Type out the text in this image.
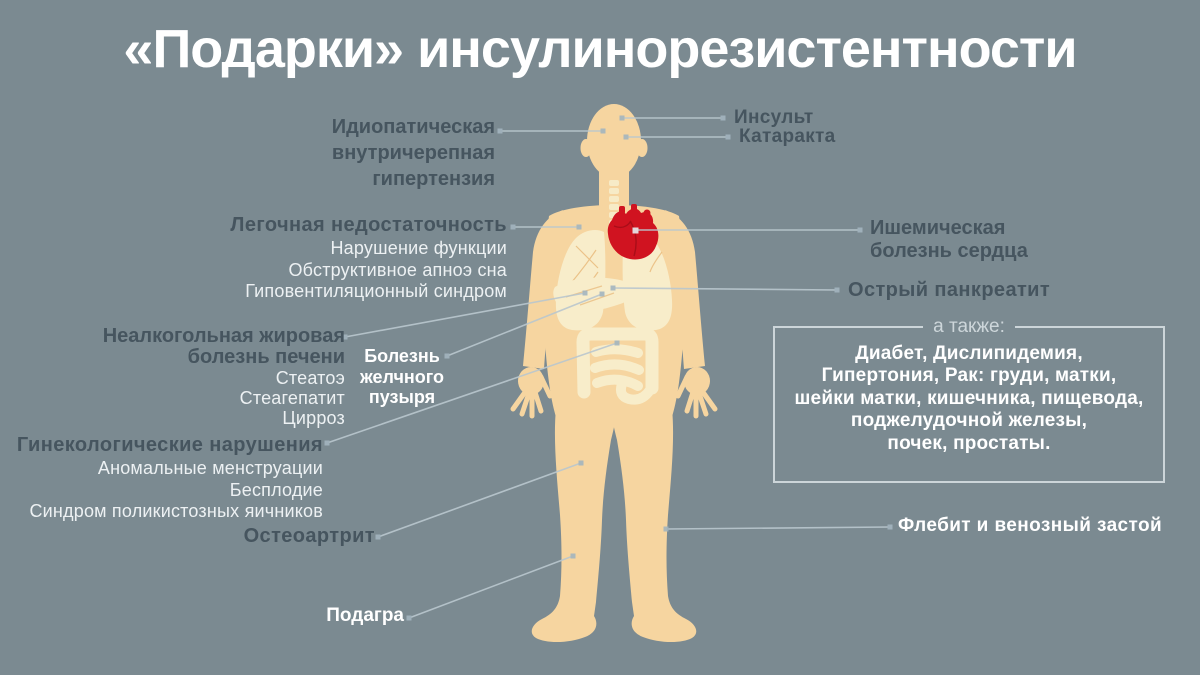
«Подарки» инсулинорезистентности
Идиопатическая
внутричерепная
гипертензия
Легочная недостаточность
Нарушение функции
Обструктивное апноэ сна
Гиповентиляционный синдром
Неалкогольная жировая
болезнь печени
Стеатоэ
Стеагепатит
Цирроз
Болезнь
желчного
пузыря
Гинекологические нарушения
Аномальные менструации
Бесплодие
Синдром поликистозных яичников
Остеоартрит
Подагра
Инсульт
Катаракта
Ишемическая
болезнь сердца
Острый панкреатит
а также:
Диабет, Дислипидемия,
Гипертония, Рак: груди, матки,
шейки матки, кишечника, пищевода,
поджелудочной железы,
почек, простаты.
Флебит и венозный застой
